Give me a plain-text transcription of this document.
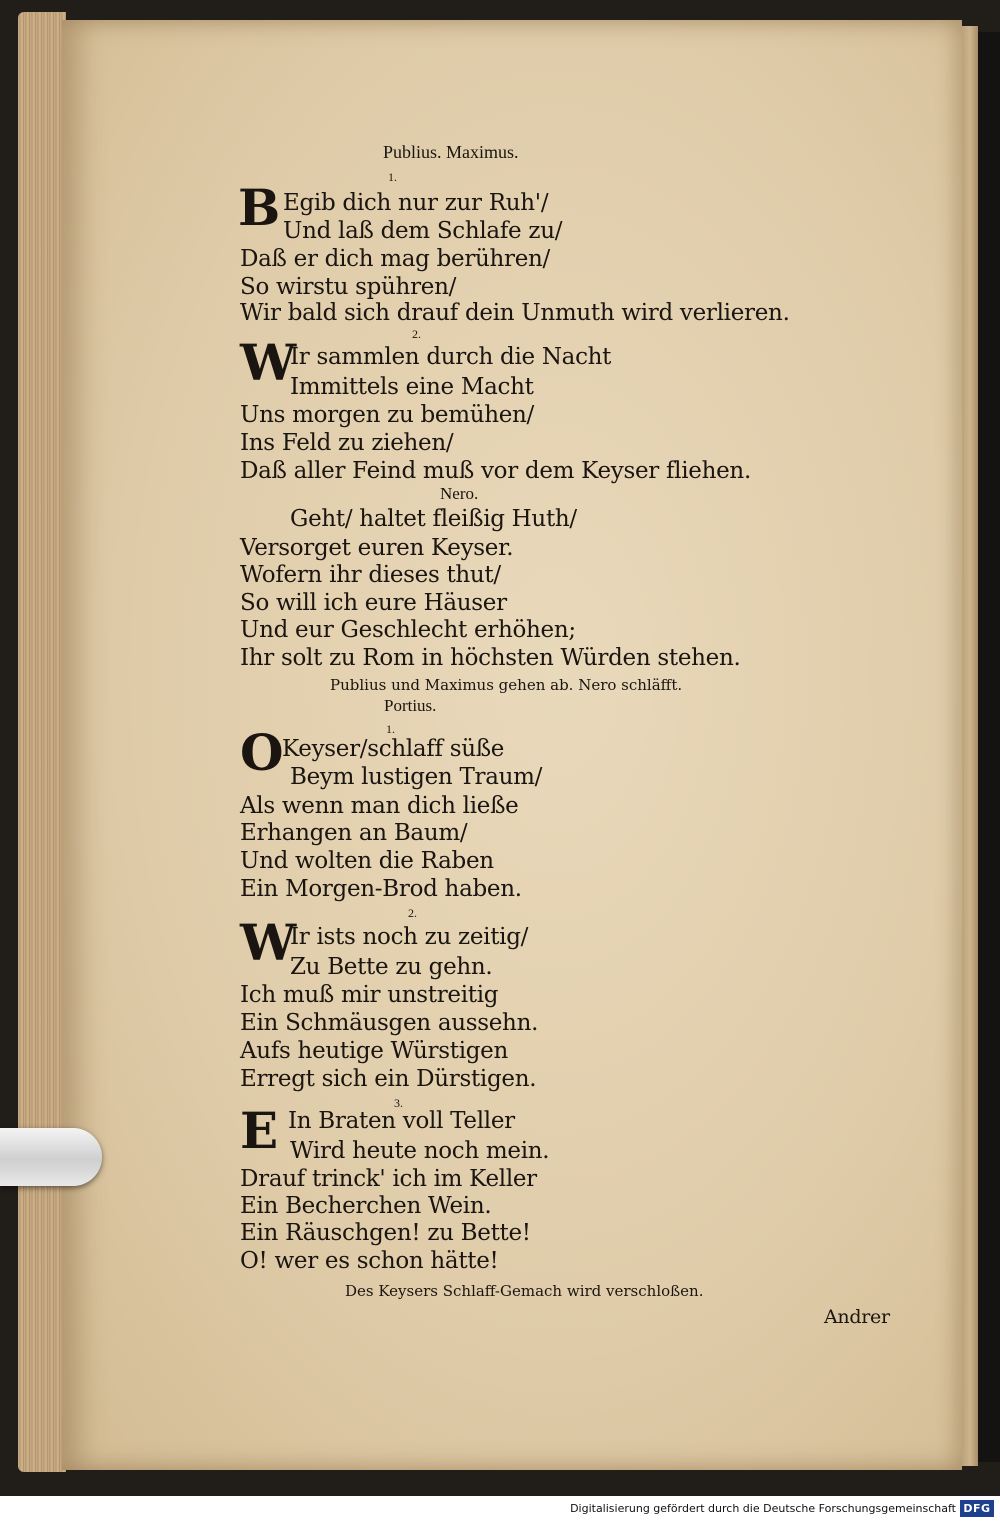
Publius. Maximus.
1.
B Egib dich nur zur Ruh'/
Und laß dem Schlafe zu/
Daß er dich mag berühren/
So wirstu spühren/
Wir bald sich drauf dein Unmuth wird verlieren.
2.
W
Ir sammlen durch die Nacht
Immittels eine Macht
Uns morgen zu bemühen/
Ins Feld zu ziehen/
Daß aller Feind muß vor dem Keyser fliehen.
Nero.
Geht/ haltet fleißig Huth/
Versorget euren Keyser.
Wofern ihr dieses thut/
So will ich eure Häuser
Und eur Geschlecht erhöhen;
Ihr solt zu Rom in höchsten Würden stehen.
Publius und Maximus gehen ab. Nero schläfft.
Portius.
1.
O
Keyser/schlaff süße
Beym lustigen Traum/
Als wenn man dich ließe
Erhangen an Baum/
Und wolten die Raben
Ein Morgen-Brod haben.
2.
W
Ir ists noch zu zeitig/
Zu Bette zu gehn.
Ich muß mir unstreitig
Ein Schmäusgen aussehn.
Aufs heutige Würstigen
Erregt sich ein Dürstigen.
3.
E In Braten voll Teller
Wird heute noch mein.
Drauf trinck' ich im Keller
Ein Becherchen Wein.
Ein Räuschgen! zu Bette!
O! wer es schon hätte!
Des Keysers Schlaff-Gemach wird verschloßen.
Andrer
Digitalisierung gefördert durch die Deutsche Forschungsgemeinschaft DFG
